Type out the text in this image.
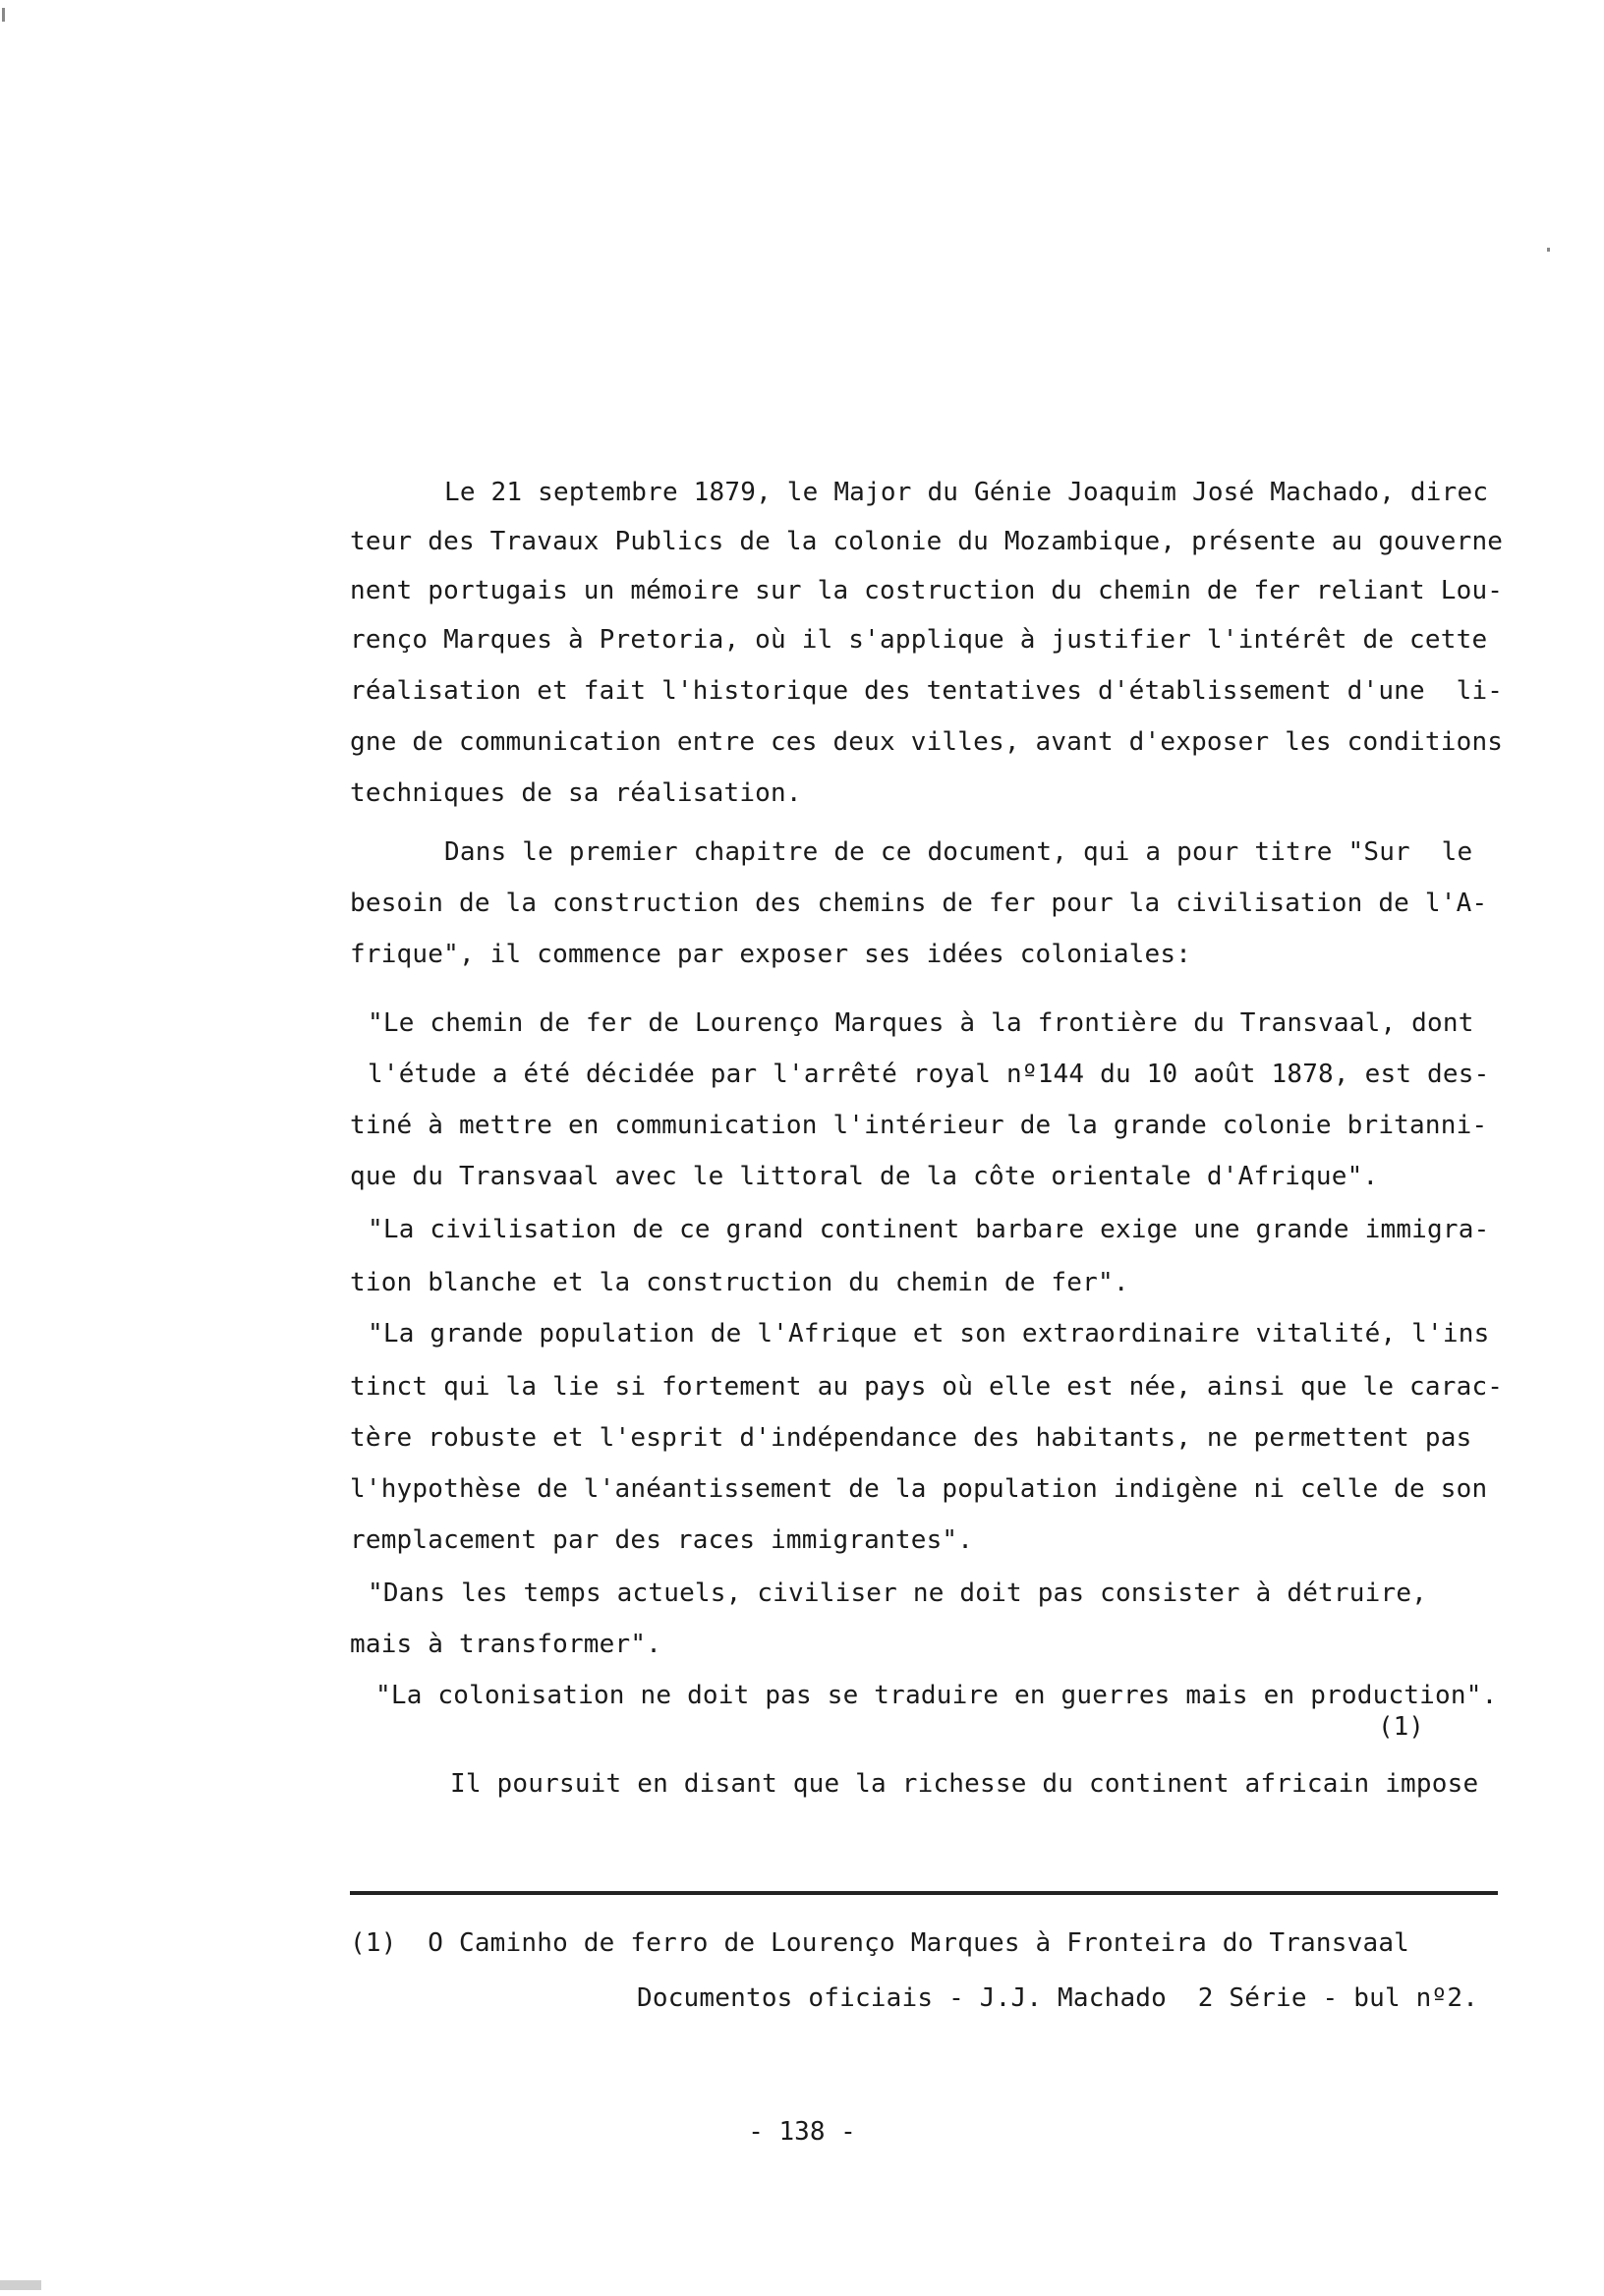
Le 21 septembre 1879, le Major du Génie Joaquim José Machado, direc
teur des Travaux Publics de la colonie du Mozambique, présente au gouverne
nent portugais un mémoire sur la costruction du chemin de fer reliant Lou-
renço Marques à Pretoria, où il s'applique à justifier l'intérêt de cette
réalisation et fait l'historique des tentatives d'établissement d'une  li-
gne de communication entre ces deux villes, avant d'exposer les conditions
techniques de sa réalisation.
Dans le premier chapitre de ce document, qui a pour titre "Sur  le
besoin de la construction des chemins de fer pour la civilisation de l'A-
frique", il commence par exposer ses idées coloniales:
"Le chemin de fer de Lourenço Marques à la frontière du Transvaal, dont
l'étude a été décidée par l'arrêté royal nº144 du 10 août 1878, est des-
tiné à mettre en communication l'intérieur de la grande colonie britanni-
que du Transvaal avec le littoral de la côte orientale d'Afrique".
"La civilisation de ce grand continent barbare exige une grande immigra-
tion blanche et la construction du chemin de fer".
"La grande population de l'Afrique et son extraordinaire vitalité, l'ins
tinct qui la lie si fortement au pays où elle est née, ainsi que le carac-
tère robuste et l'esprit d'indépendance des habitants, ne permettent pas
l'hypothèse de l'anéantissement de la population indigène ni celle de son
remplacement par des races immigrantes".
"Dans les temps actuels, civiliser ne doit pas consister à détruire,
mais à transformer".
"La colonisation ne doit pas se traduire en guerres mais en production".
(1)
Il poursuit en disant que la richesse du continent africain impose
(1)  O Caminho de ferro de Lourenço Marques à Fronteira do Transvaal
Documentos oficiais - J.J. Machado  2 Série - bul nº2.
- 138 -
